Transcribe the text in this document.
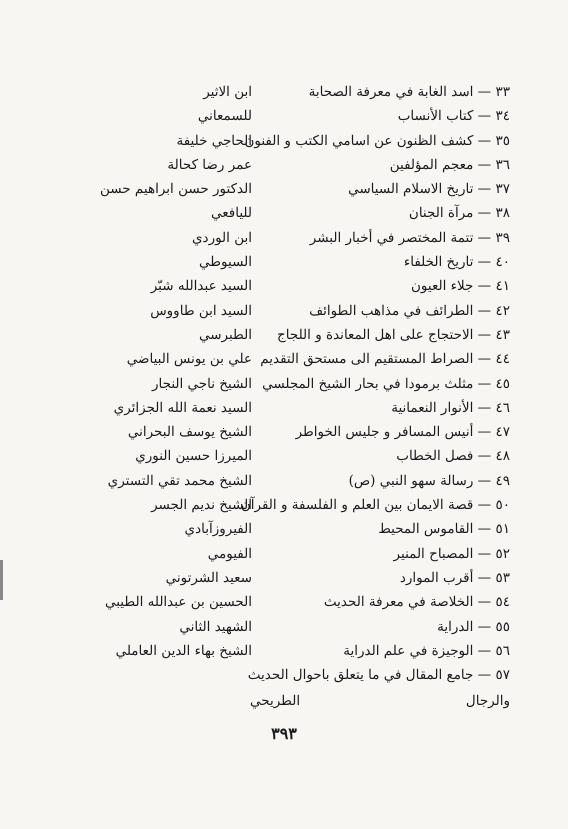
٣٣ — اسد الغابة في معرفة الصحابة
ابن الاثير
٣٤ — كتاب الأنساب
للسمعاني
٣٥ — كشف الظنون عن اسامي الكتب و الفنون
الحاجي خليفة
٣٦ — معجم المؤلفين
عمر رضا كحالة
٣٧ — تاريخ الاسلام السياسي
الدكتور حسن ابراهيم حسن
٣٨ — مرآة الجنان
لليافعي
٣٩ — تتمة المختصر في أخبار البشر
ابن الوردي
٤٠ — تاريخ الخلفاء
السيوطي
٤١ — جلاء العيون
السيد عبدالله شبّر
٤٢ — الطرائف في مذاهب الطوائف
السيد ابن طاووس
٤٣ — الاحتجاج على اهل المعاندة و اللجاج
الطبرسي
٤٤ — الصراط المستقيم الى مستحق التقديم
علي بن يونس البياضي
٤٥ — مثلث برمودا في بحار الشيخ المجلسي
الشيخ ناجي النجار
٤٦ — الأنوار النعمانية
السيد نعمة الله الجزائري
٤٧ — أنيس المسافر و جليس الخواطر
الشيخ يوسف البحراني
٤٨ — فصل الخطاب
الميرزا حسين النوري
٤٩ — رسالة سهو النبي (ص)
الشيخ محمد تقي التستري
٥٠ — قصة الايمان بين العلم و الفلسفة و القرآن
الشيخ نديم الجسر
٥١ — القاموس المحيط
الفيروزآبادي
٥٢ — المصباح المنير
الفيومي
٥٣ — أقرب الموارد
سعيد الشرتوني
٥٤ — الخلاصة في معرفة الحديث
الحسين بن عبدالله الطيبي
٥٥ — الدراية
الشهيد الثاني
٥٦ — الوجيزة في علم الدراية
الشيخ بهاء الدين العاملي
٥٧ — جامع المقال في ما يتعلق باحوال الحديث
والرجال
الطريحي
٣٩٣
